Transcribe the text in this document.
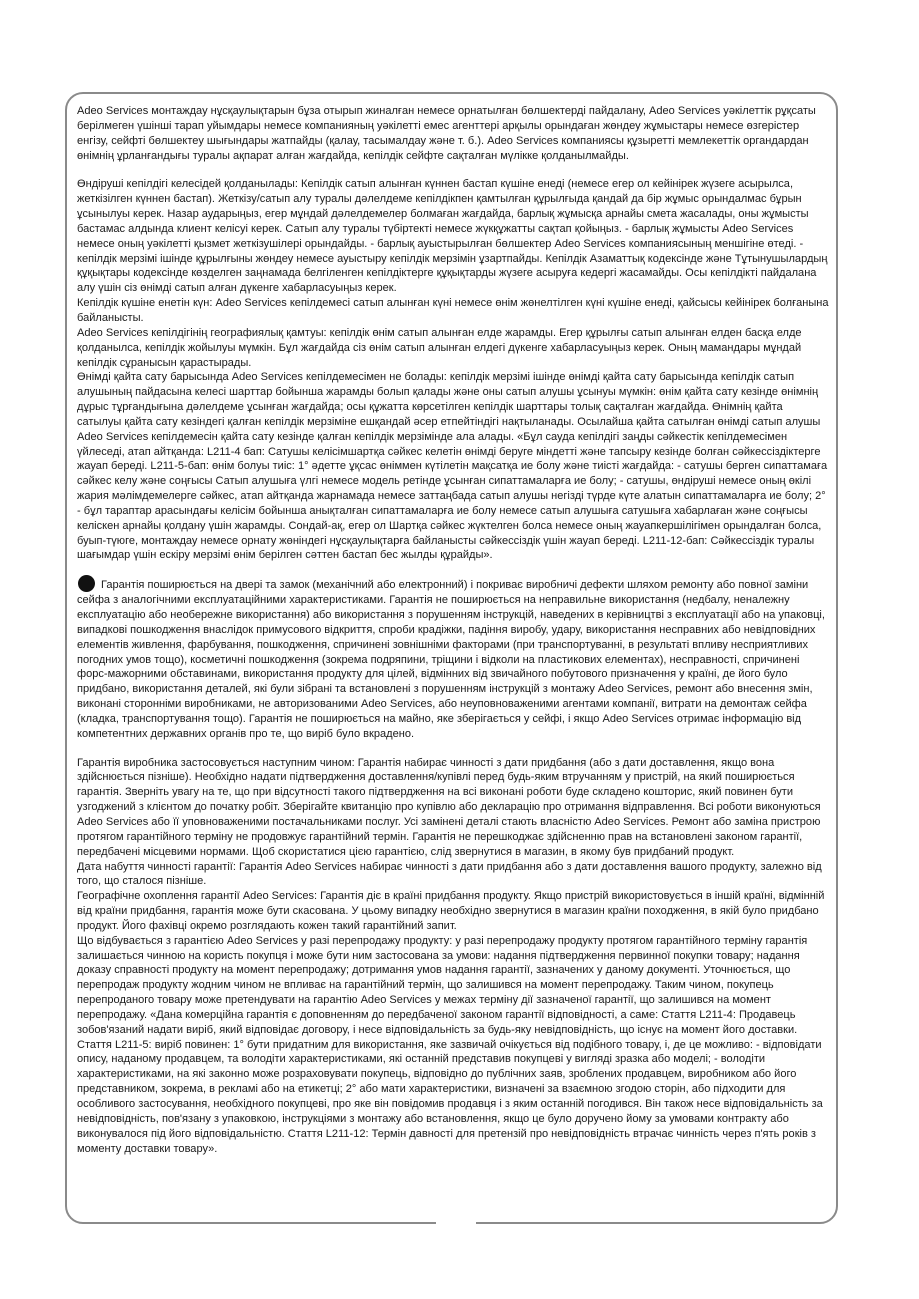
Adeo Services монтаждау нұсқаулықтарын бұза отырып жиналған немесе орнатылған бөлшектерді пайдалану, Adeo Services уәкілеттік рұқсаты берілмеген үшінші тарап уйымдары немесе компанияның уәкілетті емес агенттері арқылы орындаған жөндеу жұмыстары немесе өзгерістер енгізу, сейфті бөлшектеу шығындары жатпайды (қалау, тасымалдау және т. б.). Adeo Services компаниясы құзыретті мемлекеттік органдардан өнімнің ұрланғандығы туралы ақпарат алған жағдайда, кепілдік сейфте сақталған мүлікке қолданылмайды.

Өндіруші кепілдігі келесідей қолданылады: Кепілдік сатып алынған күннен бастап күшіне енеді (немесе егер ол кейінірек жүзеге асырылса, жеткізілген күннен бастап). Жеткізу/сатып алу туралы дәлелдеме кепілдікпен қамтылған құрылғыда қандай да бір жұмыс орындалмас бұрын ұсынылуы керек. Назар аударыңыз, егер мұндай дәлелдемелер болмаған жағдайда, барлық жұмысқа арнайы смета жасалады, оны жұмысты бастамас алдында клиент келісуі керек. Сатып алу туралы түбіртекті немесе жүкқұжатты сақтап қойыңыз. - барлық жұмысты Adeo Services немесе оның уәкілетті қызмет жеткізушілері орындайды. - барлық ауыстырылған бөлшектер Adeo Services компаниясының меншігіне өтеді. - кепілдік мерзімі ішінде құрылғыны жөндеу немесе ауыстыру кепілдік мерзімін ұзартпайды. Кепілдік Азаматтық кодексінде және Тұтынушылардың құқықтары кодексінде көзделген заңнамада белгіленген кепілдіктерге құқықтарды жүзеге асыруға кедергі жасамайды. Осы кепілдікті пайдалана алу үшін сіз өнімді сатып алған дүкенге хабарласуыңыз керек.

Кепілдік күшіне енетін күн: Adeo Services кепілдемесі сатып алынған күні немесе өнім жөнелтілген күні күшіне енеді, қайсысы кейінірек болғанына байланысты.

Adeo Services кепілдігінің географиялық қамтуы: кепілдік өнім сатып алынған елде жарамды. Егер құрылғы сатып алынған елден басқа елде қолданылса, кепілдік жойылуы мүмкін. Бұл жағдайда сіз өнім сатып алынған елдегі дүкенге хабарласуыңыз керек. Оның мамандары мұндай кепілдік сұранысын қарастырады.

Өнімді қайта сату барысында Adeo Services кепілдемесімен не болады: кепілдік мерзімі ішінде өнімді қайта сату барысында кепілдік сатып алушының пайдасына келесі шарттар бойынша жарамды болып қалады және оны сатып алушы ұсынуы мүмкін: өнім қайта сату кезінде өнімнің дұрыс тұрғандығына дәлелдеме ұсынған жағдайда; осы құжатта көрсетілген кепілдік шарттары толық сақталған жағдайда. Өнімнің қайта сатылуы қайта сату кезіндегі қалған кепілдік мерзіміне ешқандай әсер етпейтіндігі нақтыланады. Осылайша қайта сатылған өнімді сатып алушы Adeo Services кепілдемесін қайта сату кезінде қалған кепілдік мерзімінде ала алады. «Бұл сауда кепілдігі заңды сәйкестік кепілдемесімен үйлеседі, атап айтқанда: L211-4 бап: Сатушы келісімшартқа сәйкес келетін өнімді беруге міндетті және тапсыру кезінде болған сәйкессіздіктерге жауап береді. L211-5-бап: өнім болуы тиіс: 1° әдетте ұқсас өніммен күтілетін мақсатқа ие болу және тиісті жағдайда: - сатушы берген сипаттамаға сәйкес келу және соңғысы Сатып алушыға үлгі немесе модель ретінде ұсынған сипаттамаларға ие болу; - сатушы, өндіруші немесе оның өкілі жария мәлімдемелерге сәйкес, атап айтқанда жарнамада немесе заттаңбада сатып алушы негізді түрде күте алатын сипаттамаларға ие болу; 2° - бұл тараптар арасындағы келісім бойынша анықталған сипаттамаларға ие болу немесе сатып алушыға сатушыға хабарлаған және соңғысы келіскен арнайы қолдану үшін жарамды. Сондай-ақ, егер ол Шартқа сәйкес жүктелген болса немесе оның жауапкершілігімен орындалған болса, буып-түюге, монтаждау немесе орнату жөніндегі нұсқаулықтарға байланысты сәйкессіздік үшін жауап береді. L211-12-бап: Сәйкессіздік туралы шағымдар үшін ескіру мерзімі өнім берілген сәттен бастап бес жылды құрайды».

Гарантія поширюється на двері та замок (механічний або електронний) і покриває виробничі дефекти шляхом ремонту або повної заміни сейфа з аналогічними експлуатаційними характеристиками. Гарантія не поширюється на неправильне використання (недбалу, неналежну експлуатацію або необережне використання) або використання з порушенням інструкцій, наведених в керівництві з експлуатації або на упаковці, випадкові пошкодження внаслідок примусового відкриття, спроби крадіжки, падіння виробу, удару, використання несправних або невідповідних елементів живлення, фарбування, пошкодження, спричинені зовнішніми факторами (при транспортуванні, в результаті впливу несприятливих погодних умов тощо), косметичні пошкодження (зокрема подряпини, тріщини і відколи на пластикових елементах), несправності, спричинені форс-мажорними обставинами, використання продукту для цілей, відмінних від звичайного побутового призначення у країні, де його було придбано, використання деталей, які були зібрані та встановлені з порушенням інструкцій з монтажу Adeo Services, ремонт або внесення змін, виконані сторонніми виробниками, не авторизованими Adeo Services, або неуповноваженими агентами компанії, витрати на демонтаж сейфа (кладка, транспортування тощо). Гарантія не поширюється на майно, яке зберігається у сейфі, і якщо Adeo Services отримає інформацію від компетентних державних органів про те, що виріб було вкрадено.

Гарантія виробника застосовується наступним чином: Гарантія набирає чинності з дати придбання (або з дати доставлення, якщо вона здійснюється пізніше). Необхідно надати підтвердження доставлення/купівлі перед будь-яким втручанням у пристрій, на який поширюється гарантія. Зверніть увагу на те, що при відсутності такого підтвердження на всі виконані роботи буде складено кошторис, який повинен бути узгоджений з клієнтом до початку робіт. Зберігайте квитанцію про купівлю або декларацію про отримання відправлення. Всі роботи виконуються Adeo Services або її уповноваженими постачальниками послуг. Усі замінені деталі стають власністю Adeo Services. Ремонт або заміна пристрою протягом гарантійного терміну не продовжує гарантійний термін. Гарантія не перешкоджає здійсненню прав на встановлені законом гарантії, передбачені місцевими нормами. Щоб скористатися цією гарантією, слід звернутися в магазин, в якому був придбаний продукт.

Дата набуття чинності гарантії: Гарантія Adeo Services набирає чинності з дати придбання або з дати доставлення вашого продукту, залежно від того, що сталося пізніше.

Географічне охоплення гарантії Adeo Services: Гарантія діє в країні придбання продукту. Якщо пристрій використовується в іншій країні, відмінній від країни придбання, гарантія може бути скасована. У цьому випадку необхідно звернутися в магазин країни походження, в якій було придбано продукт. Його фахівці окремо розглядають кожен такий гарантійний запит.

Що відбувається з гарантією Adeo Services у разі перепродажу продукту: у разі перепродажу продукту протягом гарантійного терміну гарантія залишається чинною на користь покупця і може бути ним застосована за умови: надання підтвердження первинної покупки товару; надання доказу справності продукту на момент перепродажу; дотримання умов надання гарантії, зазначених у даному документі. Уточнюється, що перепродаж продукту жодним чином не впливає на гарантійний термін, що залишився на момент перепродажу. Таким чином, покупець перепроданого товару може претендувати на гарантію Adeo Services у межах терміну дії зазначеної гарантії, що залишився на момент перепродажу. «Дана комерційна гарантія є доповненням до передбаченої законом гарантії відповідності, а саме: Стаття L211-4: Продавець зобов'язаний надати виріб, який відповідає договору, і несе відповідальність за будь-яку невідповідність, що існує на момент його доставки. Стаття L211-5: виріб повинен: 1° бути придатним для використання, яке зазвичай очікується від подібного товару, і, де це можливо: - відповідати опису, наданому продавцем, та володіти характеристиками, які останній представив покупцеві у вигляді зразка або моделі; - володіти характеристиками, на які законно може розраховувати покупець, відповідно до публічних заяв, зроблених продавцем, виробником або його представником, зокрема, в рекламі або на етикетці; 2° або мати характеристики, визначені за взаємною згодою сторін, або підходити для особливого застосування, необхідного покупцеві, про яке він повідомив продавця і з яким останній погодився. Він також несе відповідальність за невідповідність, пов'язану з упаковкою, інструкціями з монтажу або встановлення, якщо це було доручено йому за умовами контракту або виконувалося під його відповідальністю. Стаття L211-12: Термін давності для претензій про невідповідність втрачає чинність через п'ять років з моменту доставки товару».
